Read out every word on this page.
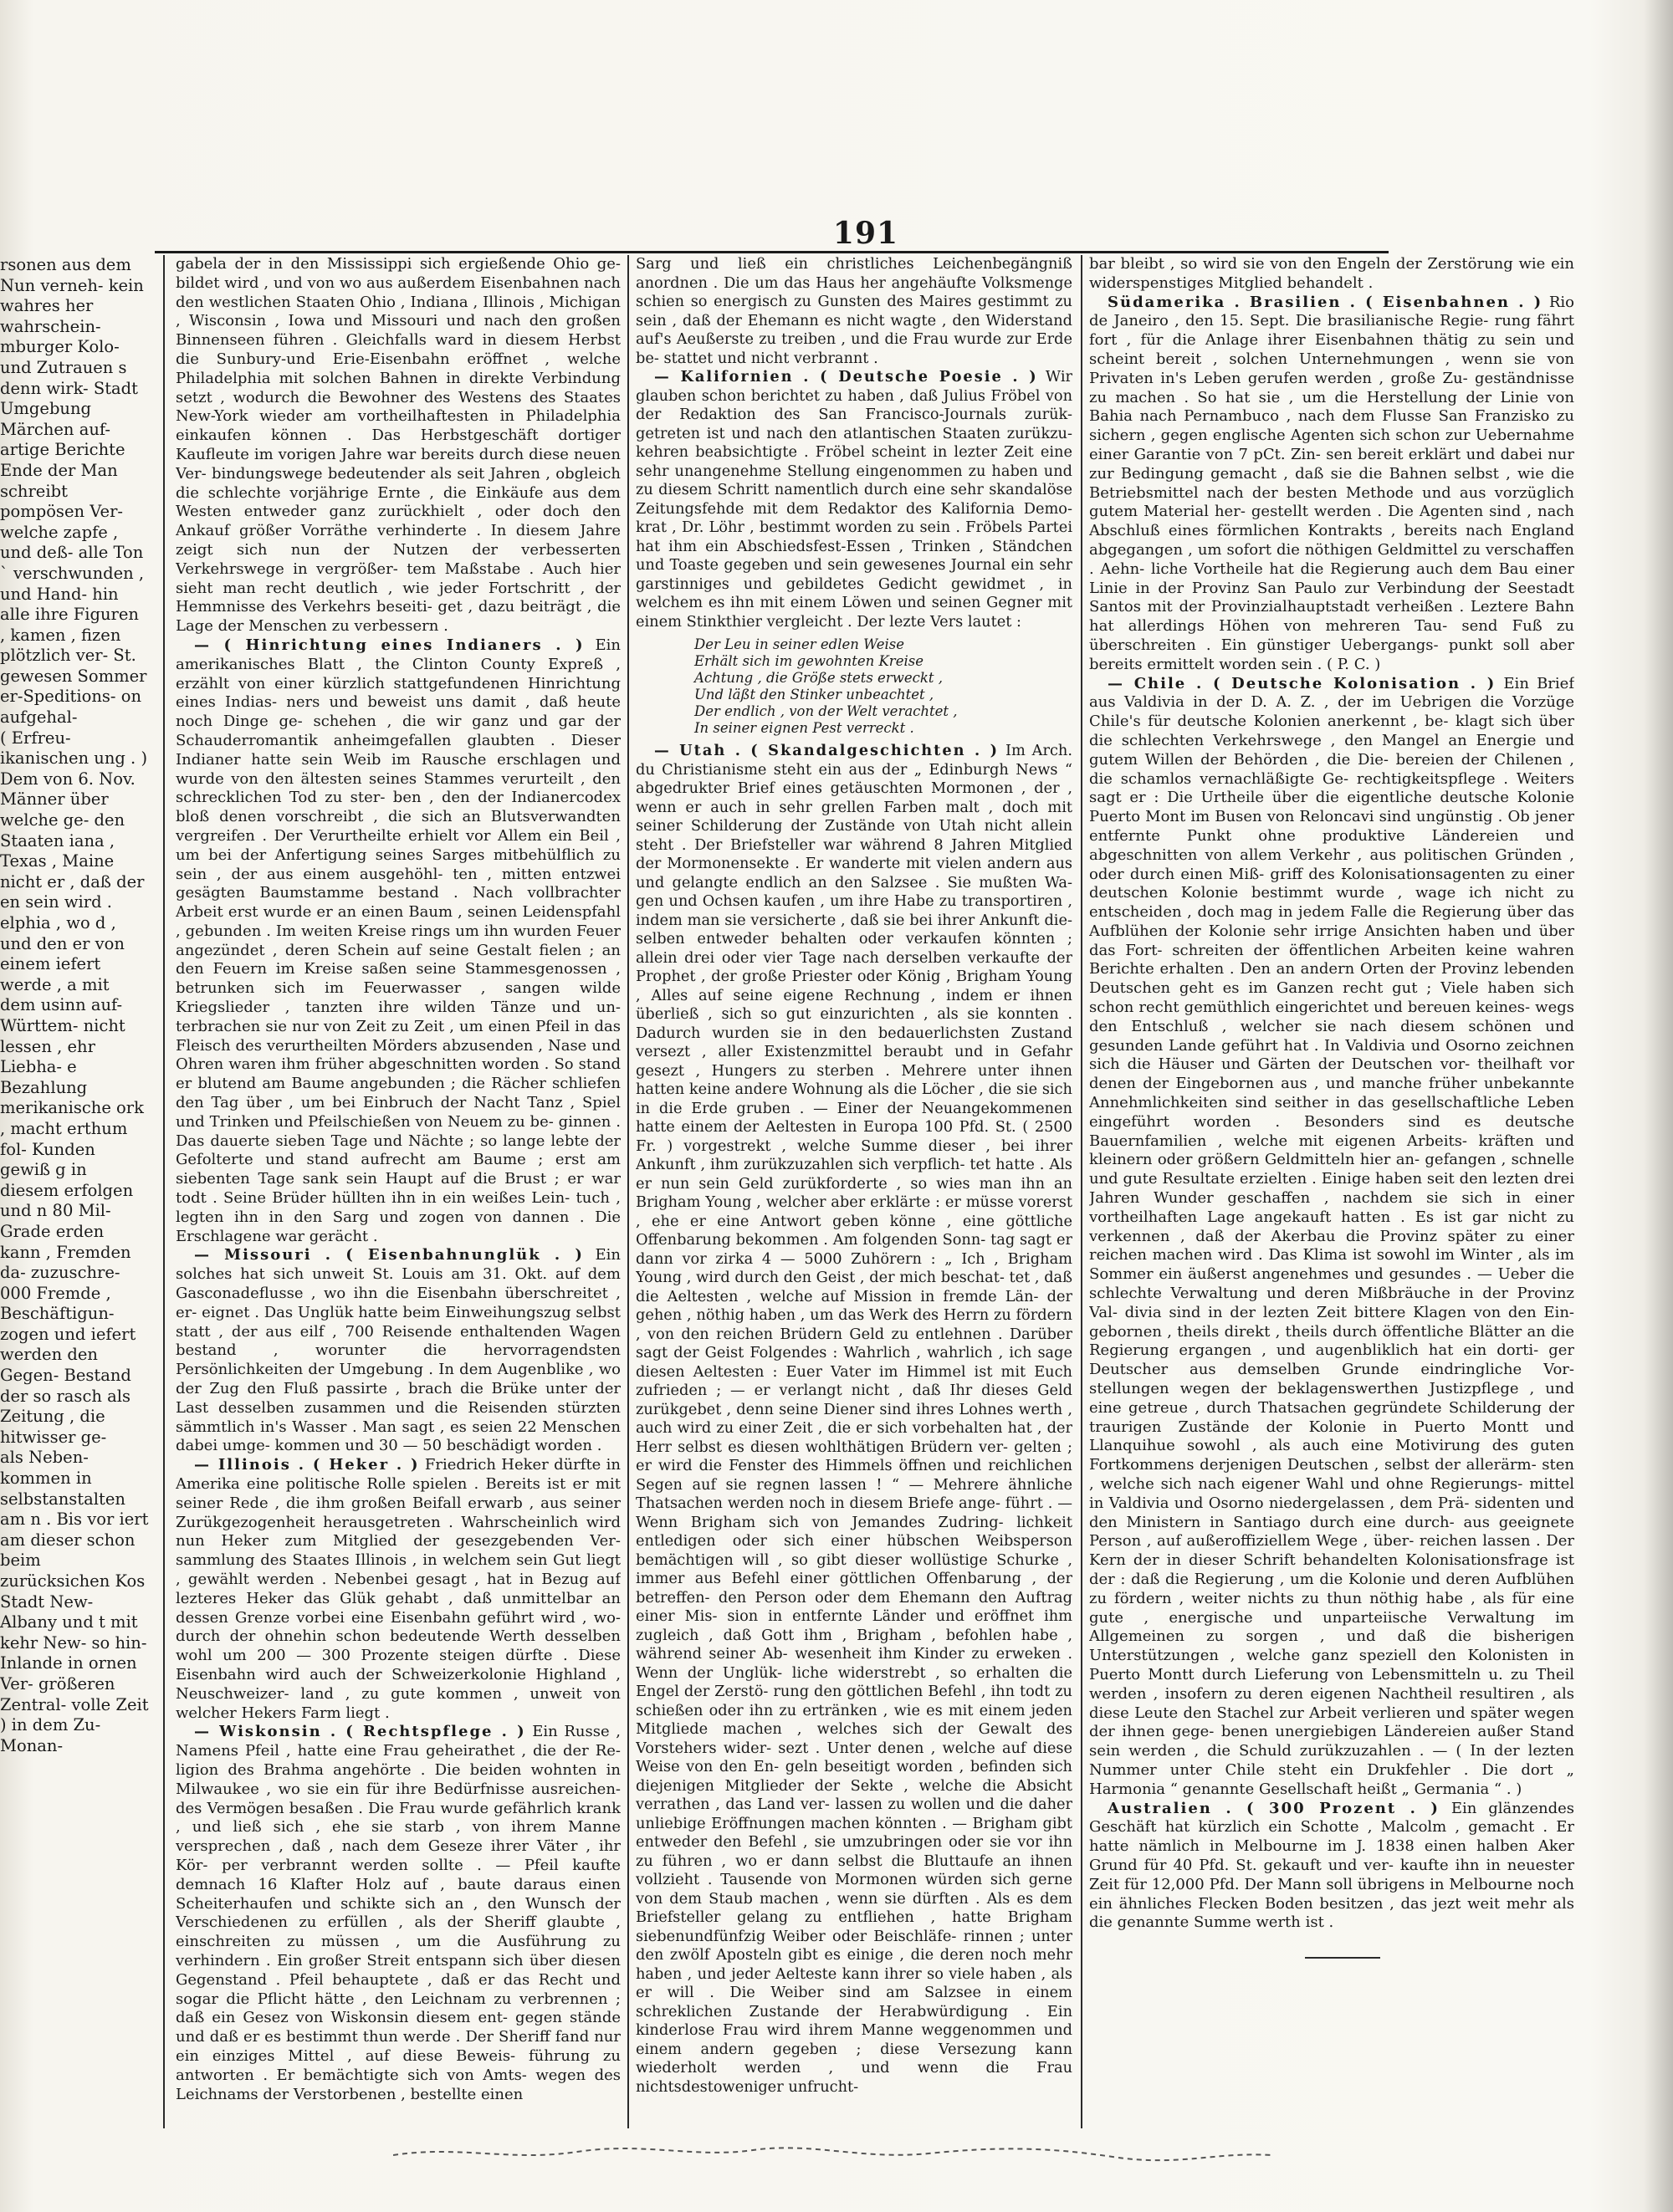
191

rsonen aus dem Nun verneh- kein wahres her wahrschein- mburger Kolo- und Zutrauen s denn wirk- Stadt Umgebung Märchen auf- artige Berichte

Ende der Man schreibt pompösen Ver- welche zapfe , und deß- alle Ton ` verschwunden , und Hand- hin alle ihre Figuren , kamen , fizen plötzlich ver- St. gewesen Sommer er-Speditions- on aufgehal-

( Erfreu- ikanischen ung . ) Dem von 6. Nov. Männer über welche ge- den Staaten iana , Texas , Maine nicht er , daß der en sein wird . elphia , wo d , und den er von einem iefert werde , a mit dem usinn auf- Württem- nicht lessen , ehr Liebha- e Bezahlung merikanische ork , macht erthum fol- Kunden gewiß g in diesem erfolgen und n 80 Mil- Grade erden kann , Fremden da- zuzuschre- 000 Fremde , Beschäftigun- zogen und iefert werden den Gegen- Bestand der so rasch als Zeitung , die hitwisser ge-

als Neben- kommen in selbstanstalten am n . Bis vor iert am dieser schon beim zurücksichen Kos Stadt New- Albany und t mit kehr New- so hin- Inlande in ornen Ver- größeren Zentral- volle Zeit ) in dem Zu- Monan-

gabela der in den Mississippi sich ergießende Ohio ge- bildet wird , und von wo aus außerdem Eisenbahnen nach den westlichen Staaten Ohio , Indiana , Illinois , Michigan , Wisconsin , Iowa und Missouri und nach den großen Binnenseen führen . Gleichfalls ward in diesem Herbst die Sunbury-und Erie-Eisenbahn eröffnet , welche Philadelphia mit solchen Bahnen in direkte Verbindung setzt , wodurch die Bewohner des Westens des Staates New-York wieder am vortheilhaftesten in Philadelphia einkaufen können . Das Herbstgeschäft dortiger Kaufleute im vorigen Jahre war bereits durch diese neuen Ver- bindungswege bedeutender als seit Jahren , obgleich die schlechte vorjährige Ernte , die Einkäufe aus dem Westen entweder ganz zurückhielt , oder doch den Ankauf größer Vorräthe verhinderte . In diesem Jahre zeigt sich nun der Nutzen der verbesserten Verkehrswege in vergrößer- tem Maßstabe . Auch hier sieht man recht deutlich , wie jeder Fortschritt , der Hemmnisse des Verkehrs beseiti- get , dazu beiträgt , die Lage der Menschen zu verbessern .

— ( Hinrichtung eines Indianers . ) Ein amerikanisches Blatt , the Clinton County Expreß , erzählt von einer kürzlich stattgefundenen Hinrichtung eines Indias- ners und beweist uns damit , daß heute noch Dinge ge- schehen , die wir ganz und gar der Schauderromantik anheimgefallen glaubten . Dieser Indianer hatte sein Weib im Rausche erschlagen und wurde von den ältesten seines Stammes verurteilt , den schrecklichen Tod zu ster- ben , den der Indianercodex bloß denen vorschreibt , die sich an Blutsverwandten vergreifen . Der Verurtheilte erhielt vor Allem ein Beil , um bei der Anfertigung seines Sarges mitbehülflich zu sein , der aus einem ausgehöhl- ten , mitten entzwei gesägten Baumstamme bestand . Nach vollbrachter Arbeit erst wurde er an einen Baum , seinen Leidenspfahl , gebunden . Im weiten Kreise rings um ihn wurden Feuer angezündet , deren Schein auf seine Gestalt fielen ; an den Feuern im Kreise saßen seine Stammesgenossen , betrunken sich im Feuerwasser , sangen wilde Kriegslieder , tanzten ihre wilden Tänze und un- terbrachen sie nur von Zeit zu Zeit , um einen Pfeil in das Fleisch des verurtheilten Mörders abzusenden , Nase und Ohren waren ihm früher abgeschnitten worden . So stand er blutend am Baume angebunden ; die Rächer schliefen den Tag über , um bei Einbruch der Nacht Tanz , Spiel und Trinken und Pfeilschießen von Neuem zu be- ginnen . Das dauerte sieben Tage und Nächte ; so lange lebte der Gefolterte und stand aufrecht am Baume ; erst am siebenten Tage sank sein Haupt auf die Brust ; er war todt . Seine Brüder hüllten ihn in ein weißes Lein- tuch , legten ihn in den Sarg und zogen von dannen . Die Erschlagene war gerächt .

— Missouri . ( Eisenbahnunglük . ) Ein solches hat sich unweit St. Louis am 31. Okt. auf dem Gasconadeflusse , wo ihn die Eisenbahn überschreitet , er- eignet . Das Unglük hatte beim Einweihungszug selbst statt , der aus eilf , 700 Reisende enthaltenden Wagen bestand , worunter die hervorragendsten Persönlichkeiten der Umgebung . In dem Augenblike , wo der Zug den Fluß passirte , brach die Brüke unter der Last desselben zusammen und die Reisenden stürzten sämmtlich in's Wasser . Man sagt , es seien 22 Menschen dabei umge- kommen und 30 — 50 beschädigt worden .

— Illinois . ( Heker . ) Friedrich Heker dürfte in Amerika eine politische Rolle spielen . Bereits ist er mit seiner Rede , die ihm großen Beifall erwarb , aus seiner Zurükgezogenheit herausgetreten . Wahrscheinlich wird nun Heker zum Mitglied der gesezgebenden Ver- sammlung des Staates Illinois , in welchem sein Gut liegt , gewählt werden . Nebenbei gesagt , hat in Bezug auf lezteres Heker das Glük gehabt , daß unmittelbar an dessen Grenze vorbei eine Eisenbahn geführt wird , wo- durch der ohnehin schon bedeutende Werth desselben wohl um 200 — 300 Prozente steigen dürfte . Diese Eisenbahn wird auch der Schweizerkolonie Highland , Neuschweizer- land , zu gute kommen , unweit von welcher Hekers Farm liegt .

— Wiskonsin . ( Rechtspflege . ) Ein Russe , Namens Pfeil , hatte eine Frau geheirathet , die der Re- ligion des Brahma angehörte . Die beiden wohnten in Milwaukee , wo sie ein für ihre Bedürfnisse ausreichen- des Vermögen besaßen . Die Frau wurde gefährlich krank , und ließ sich , ehe sie starb , von ihrem Manne versprechen , daß , nach dem Geseze ihrer Väter , ihr Kör- per verbrannt werden sollte . — Pfeil kaufte demnach 16 Klafter Holz auf , baute daraus einen Scheiterhaufen und schikte sich an , den Wunsch der Verschiedenen zu erfüllen , als der Sheriff glaubte , einschreiten zu müssen , um die Ausführung zu verhindern . Ein großer Streit entspann sich über diesen Gegenstand . Pfeil behauptete , daß er das Recht und sogar die Pflicht hätte , den Leichnam zu verbrennen ; daß ein Gesez von Wiskonsin diesem ent- gegen stände und daß er es bestimmt thun werde . Der Sheriff fand nur ein einziges Mittel , auf diese Beweis- führung zu antworten . Er bemächtigte sich von Amts- wegen des Leichnams der Verstorbenen , bestellte einen

Sarg und ließ ein christliches Leichenbegängniß anordnen . Die um das Haus her angehäufte Volksmenge schien so energisch zu Gunsten des Maires gestimmt zu sein , daß der Ehemann es nicht wagte , den Widerstand auf's Aeußerste zu treiben , und die Frau wurde zur Erde be- stattet und nicht verbrannt .

— Kalifornien . ( Deutsche Poesie . ) Wir glauben schon berichtet zu haben , daß Julius Fröbel von der Redaktion des San Francisco-Journals zurük- getreten ist und nach den atlantischen Staaten zurükzu- kehren beabsichtigte . Fröbel scheint in lezter Zeit eine sehr unangenehme Stellung eingenommen zu haben und zu diesem Schritt namentlich durch eine sehr skandalöse Zeitungsfehde mit dem Redaktor des Kalifornia Demo- krat , Dr. Löhr , bestimmt worden zu sein . Fröbels Partei hat ihm ein Abschiedsfest-Essen , Trinken , Ständchen und Toaste gegeben und sein gewesenes Journal ein sehr garstinniges und gebildetes Gedicht gewidmet , in welchem es ihn mit einem Löwen und seinen Gegner mit einem Stinkthier vergleicht . Der lezte Vers lautet :

Der Leu in seiner edlen Weise
Erhält sich im gewohnten Kreise
Achtung , die Größe stets erweckt ,
Und läßt den Stinker unbeachtet ,
Der endlich , von der Welt verachtet ,
In seiner eignen Pest verreckt .

— Utah . ( Skandalgeschichten . ) Im Arch. du Christianisme steht ein aus der „ Edinburgh News “ abgedrukter Brief eines getäuschten Mormonen , der , wenn er auch in sehr grellen Farben malt , doch mit seiner Schilderung der Zustände von Utah nicht allein steht . Der Briefsteller war während 8 Jahren Mitglied der Mormonensekte . Er wanderte mit vielen andern aus und gelangte endlich an den Salzsee . Sie mußten Wa- gen und Ochsen kaufen , um ihre Habe zu transportiren , indem man sie versicherte , daß sie bei ihrer Ankunft die- selben entweder behalten oder verkaufen könnten ; allein drei oder vier Tage nach derselben verkaufte der Prophet , der große Priester oder König , Brigham Young , Alles auf seine eigene Rechnung , indem er ihnen überließ , sich so gut einzurichten , als sie konnten . Dadurch wurden sie in den bedauerlichsten Zustand versezt , aller Existenzmittel beraubt und in Gefahr gesezt , Hungers zu sterben . Mehrere unter ihnen hatten keine andere Wohnung als die Löcher , die sie sich in die Erde gruben . — Einer der Neuangekommenen hatte einem der Aeltesten in Europa 100 Pfd. St. ( 2500 Fr. ) vorgestrekt , welche Summe dieser , bei ihrer Ankunft , ihm zurükzuzahlen sich verpflich- tet hatte . Als er nun sein Geld zurükforderte , so wies man ihn an Brigham Young , welcher aber erklärte : er müsse vorerst , ehe er eine Antwort geben könne , eine göttliche Offenbarung bekommen . Am folgenden Sonn- tag sagt er dann vor zirka 4 — 5000 Zuhörern : „ Ich , Brigham Young , wird durch den Geist , der mich beschat- tet , daß die Aeltesten , welche auf Mission in fremde Län- der gehen , nöthig haben , um das Werk des Herrn zu fördern , von den reichen Brüdern Geld zu entlehnen . Darüber sagt der Geist Folgendes : Wahrlich , wahrlich , ich sage diesen Aeltesten : Euer Vater im Himmel ist mit Euch zufrieden ; — er verlangt nicht , daß Ihr dieses Geld zurükgebet , denn seine Diener sind ihres Lohnes werth , auch wird zu einer Zeit , die er sich vorbehalten hat , der Herr selbst es diesen wohlthätigen Brüdern ver- gelten ; er wird die Fenster des Himmels öffnen und reichlichen Segen auf sie regnen lassen ! “ — Mehrere ähnliche Thatsachen werden noch in diesem Briefe ange- führt . — Wenn Brigham sich von Jemandes Zudring- lichkeit entledigen oder sich einer hübschen Weibsperson bemächtigen will , so gibt dieser wollüstige Schurke , immer aus Befehl einer göttlichen Offenbarung , der betreffen- den Person oder dem Ehemann den Auftrag einer Mis- sion in entfernte Länder und eröffnet ihm zugleich , daß Gott ihm , Brigham , befohlen habe , während seiner Ab- wesenheit ihm Kinder zu erweken . Wenn der Unglük- liche widerstrebt , so erhalten die Engel der Zerstö- rung den göttlichen Befehl , ihn todt zu schießen oder ihn zu ertränken , wie es mit einem jeden Mitgliede machen , welches sich der Gewalt des Vorstehers wider- sezt . Unter denen , welche auf diese Weise von den En- geln beseitigt worden , befinden sich diejenigen Mitglieder der Sekte , welche die Absicht verrathen , das Land ver- lassen zu wollen und die daher unliebige Eröffnungen machen könnten . — Brigham gibt entweder den Befehl , sie umzubringen oder sie vor ihn zu führen , wo er dann selbst die Bluttaufe an ihnen vollzieht . Tausende von Mormonen würden sich gerne von dem Staub machen , wenn sie dürften . Als es dem Briefsteller gelang zu entfliehen , hatte Brigham siebenundfünfzig Weiber oder Beischläfe- rinnen ; unter den zwölf Aposteln gibt es einige , die deren noch mehr haben , und jeder Aelteste kann ihrer so viele haben , als er will . Die Weiber sind am Salzsee in einem schreklichen Zustande der Herabwürdigung . Ein kinderlose Frau wird ihrem Manne weggenommen und einem andern gegeben ; diese Versezung kann wiederholt werden , und wenn die Frau nichtsdestoweniger unfrucht-

bar bleibt , so wird sie von den Engeln der Zerstörung wie ein widerspenstiges Mitglied behandelt .

Südamerika . Brasilien . ( Eisenbahnen . ) Rio de Janeiro , den 15. Sept. Die brasilianische Regie- rung fährt fort , für die Anlage ihrer Eisenbahnen thätig zu sein und scheint bereit , solchen Unternehmungen , wenn sie von Privaten in's Leben gerufen werden , große Zu- geständnisse zu machen . So hat sie , um die Herstellung der Linie von Bahia nach Pernambuco , nach dem Flusse San Franzisko zu sichern , gegen englische Agenten sich schon zur Uebernahme einer Garantie von 7 pCt. Zin- sen bereit erklärt und dabei nur zur Bedingung gemacht , daß sie die Bahnen selbst , wie die Betriebsmittel nach der besten Methode und aus vorzüglich gutem Material her- gestellt werden . Die Agenten sind , nach Abschluß eines förmlichen Kontrakts , bereits nach England abgegangen , um sofort die nöthigen Geldmittel zu verschaffen . Aehn- liche Vortheile hat die Regierung auch dem Bau einer Linie in der Provinz San Paulo zur Verbindung der Seestadt Santos mit der Provinzialhauptstadt verheißen . Leztere Bahn hat allerdings Höhen von mehreren Tau- send Fuß zu überschreiten . Ein günstiger Uebergangs- punkt soll aber bereits ermittelt worden sein . ( P. C. )

— Chile . ( Deutsche Kolonisation . ) Ein Brief aus Valdivia in der D. A. Z. , der im Uebrigen die Vorzüge Chile's für deutsche Kolonien anerkennt , be- klagt sich über die schlechten Verkehrswege , den Mangel an Energie und gutem Willen der Behörden , die Die- bereien der Chilenen , die schamlos vernachläßigte Ge- rechtigkeitspflege . Weiters sagt er : Die Urtheile über die eigentliche deutsche Kolonie Puerto Mont im Busen von Reloncavi sind ungünstig . Ob jener entfernte Punkt ohne produktive Ländereien und abgeschnitten von allem Verkehr , aus politischen Gründen , oder durch einen Miß- griff des Kolonisationsagenten zu einer deutschen Kolonie bestimmt wurde , wage ich nicht zu entscheiden , doch mag in jedem Falle die Regierung über das Aufblühen der Kolonie sehr irrige Ansichten haben und über das Fort- schreiten der öffentlichen Arbeiten keine wahren Berichte erhalten . Den an andern Orten der Provinz lebenden Deutschen geht es im Ganzen recht gut ; Viele haben sich schon recht gemüthlich eingerichtet und bereuen keines- wegs den Entschluß , welcher sie nach diesem schönen und gesunden Lande geführt hat . In Valdivia und Osorno zeichnen sich die Häuser und Gärten der Deutschen vor- theilhaft vor denen der Eingebornen aus , und manche früher unbekannte Annehmlichkeiten sind seither in das gesellschaftliche Leben eingeführt worden . Besonders sind es deutsche Bauernfamilien , welche mit eigenen Arbeits- kräften und kleinern oder größern Geldmitteln hier an- gefangen , schnelle und gute Resultate erzielten . Einige haben seit den lezten drei Jahren Wunder geschaffen , nachdem sie sich in einer vortheilhaften Lage angekauft hatten . Es ist gar nicht zu verkennen , daß der Akerbau die Provinz später zu einer reichen machen wird . Das Klima ist sowohl im Winter , als im Sommer ein äußerst angenehmes und gesundes . — Ueber die schlechte Verwaltung und deren Mißbräuche in der Provinz Val- divia sind in der lezten Zeit bittere Klagen von den Ein- gebornen , theils direkt , theils durch öffentliche Blätter an die Regierung ergangen , und augenbliklich hat ein dorti- ger Deutscher aus demselben Grunde eindringliche Vor- stellungen wegen der beklagenswerthen Justizpflege , und eine getreue , durch Thatsachen gegründete Schilderung der traurigen Zustände der Kolonie in Puerto Montt und Llanquihue sowohl , als auch eine Motivirung des guten Fortkommens derjenigen Deutschen , selbst der allerärm- sten , welche sich nach eigener Wahl und ohne Regierungs- mittel in Valdivia und Osorno niedergelassen , dem Prä- sidenten und den Ministern in Santiago durch eine durch- aus geeignete Person , auf außeroffiziellem Wege , über- reichen lassen . Der Kern der in dieser Schrift behandelten Kolonisationsfrage ist der : daß die Regierung , um die Kolonie und deren Aufblühen zu fördern , weiter nichts zu thun nöthig habe , als für eine gute , energische und unparteiische Verwaltung im Allgemeinen zu sorgen , und daß die bisherigen Unterstützungen , welche ganz speziell den Kolonisten in Puerto Montt durch Lieferung von Lebensmitteln u. zu Theil werden , insofern zu deren eigenen Nachtheil resultiren , als diese Leute den Stachel zur Arbeit verlieren und später wegen der ihnen gege- benen unergiebigen Ländereien außer Stand sein werden , die Schuld zurükzuzahlen . — ( In der lezten Nummer unter Chile steht ein Drukfehler . Die dort „ Harmonia “ genannte Gesellschaft heißt „ Germania “ . )

Australien . ( 300 Prozent . ) Ein glänzendes Geschäft hat kürzlich ein Schotte , Malcolm , gemacht . Er hatte nämlich in Melbourne im J. 1838 einen halben Aker Grund für 40 Pfd. St. gekauft und ver- kaufte ihn in neuester Zeit für 12,000 Pfd. Der Mann soll übrigens in Melbourne noch ein ähnliches Flecken Boden besitzen , das jezt weit mehr als die genannte Summe werth ist .
